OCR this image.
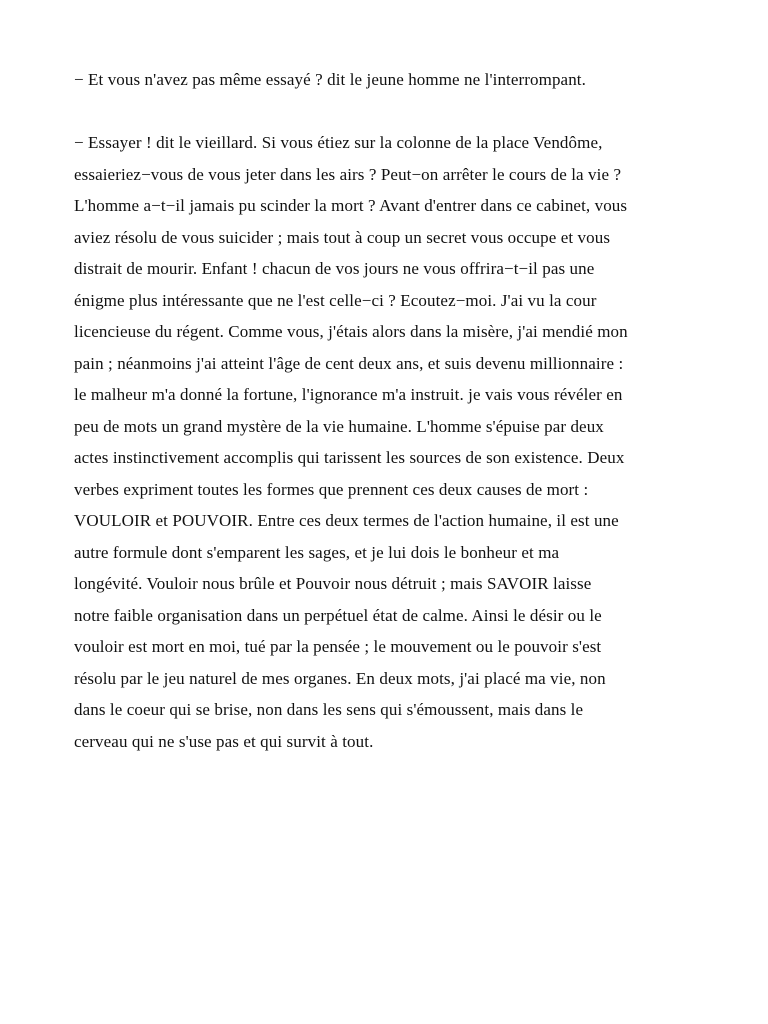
− Et vous n'avez pas même essayé ? dit le jeune homme ne l'interrompant.

− Essayer ! dit le vieillard. Si vous étiez sur la colonne de la place Vendôme,
essaieriez−vous de vous jeter dans les airs ? Peut−on arrêter le cours de la vie ?
L'homme a−t−il jamais pu scinder la mort ? Avant d'entrer dans ce cabinet, vous
aviez résolu de vous suicider ; mais tout à coup un secret vous occupe et vous
distrait de mourir. Enfant ! chacun de vos jours ne vous offrira−t−il pas une
énigme plus intéressante que ne l'est celle−ci ? Ecoutez−moi. J'ai vu la cour
licencieuse du régent. Comme vous, j'étais alors dans la misère, j'ai mendié mon
pain ; néanmoins j'ai atteint l'âge de cent deux ans, et suis devenu millionnaire :
le malheur m'a donné la fortune, l'ignorance m'a instruit. je vais vous révéler en
peu de mots un grand mystère de la vie humaine. L'homme s'épuise par deux
actes instinctivement accomplis qui tarissent les sources de son existence. Deux
verbes expriment toutes les formes que prennent ces deux causes de mort :
VOULOIR et POUVOIR. Entre ces deux termes de l'action humaine, il est une
autre formule dont s'emparent les sages, et je lui dois le bonheur et ma
longévité. Vouloir nous brûle et Pouvoir nous détruit ; mais SAVOIR laisse
notre faible organisation dans un perpétuel état de calme. Ainsi le désir ou le
vouloir est mort en moi, tué par la pensée ; le mouvement ou le pouvoir s'est
résolu par le jeu naturel de mes organes. En deux mots, j'ai placé ma vie, non
dans le coeur qui se brise, non dans les sens qui s'émoussent, mais dans le
cerveau qui ne s'use pas et qui survit à tout.
